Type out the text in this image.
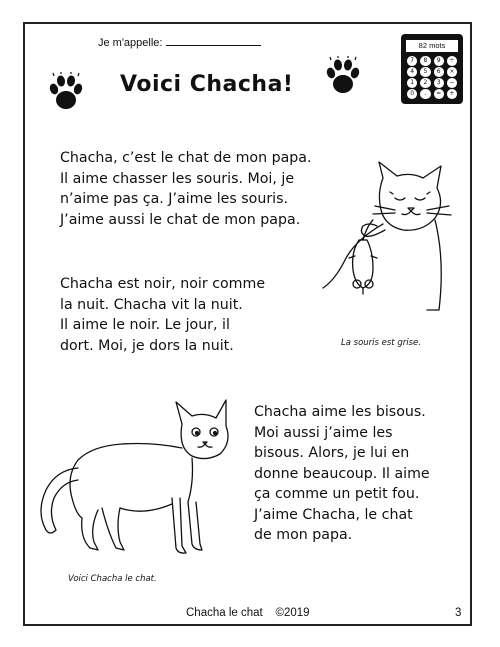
Je m'appelle:
Voici Chacha!
82 mots
7	8	9	÷
4	5	6	×
1	2	3	−
0	.	=	+
Chacha, c’est le chat de mon papa.
Il aime chasser les souris. Moi, je
n’aime pas ça. J’aime les souris.
J’aime aussi le chat de mon papa.
Chacha est noir, noir comme
la nuit. Chacha vit la nuit.
Il aime le noir. Le jour, il
dort. Moi, je dors la nuit.	La souris est grise.
Voici Chacha le chat.
Chacha aime les bisous.
Moi aussi j’aime les
bisous. Alors, je lui en
donne beaucoup. Il aime
ça comme un petit fou.
J’aime Chacha, le chat
de mon papa.
Chacha le chat    ©2019	3
